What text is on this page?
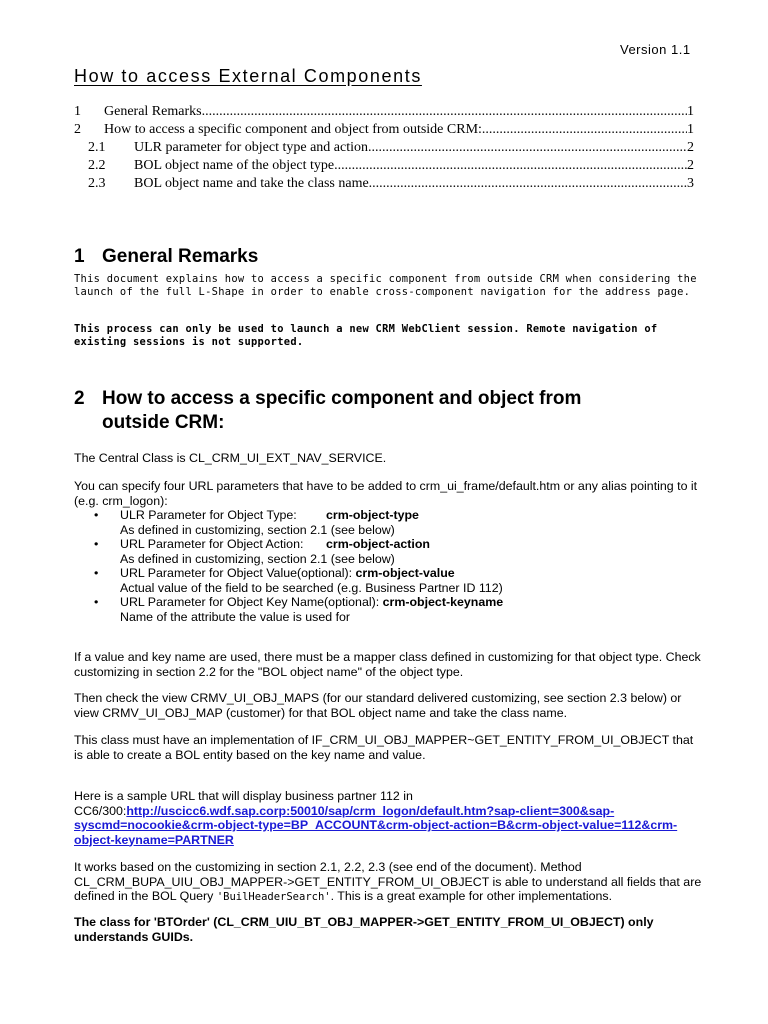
Version 1.1
How to access External Components
1	General Remarks .....	1
2	How to access a specific component and object from outside CRM: .....	1
2.1	ULR parameter for object type and action .....	2
2.2	BOL object name of the object type .....	2
2.3	BOL object name and take the class name .....	3
1 General Remarks

This document explains how to access a specific component from outside CRM when considering the launch of the full L-Shape in order to enable cross-component navigation for the address page.

This process can only be used to launch a new CRM WebClient session. Remote navigation of existing sessions is not supported.

2 How to access a specific component and object from
outside CRM:

The Central Class is CL_CRM_UI_EXT_NAV_SERVICE.

You can specify four URL parameters that have to be added to crm_ui_frame/default.htm or any alias pointing to it (e.g. crm_logon):

• ULR Parameter for Object Type: crm-object-type
As defined in customizing, section 2.1 (see below)
• URL Parameter for Object Action: crm-object-action
As defined in customizing, section 2.1 (see below)
• URL Parameter for Object Value(optional): crm-object-value
Actual value of the field to be searched (e.g. Business Partner ID 112)
• URL Parameter for Object Key Name(optional): crm-object-keyname
Name of the attribute the value is used for

If a value and key name are used, there must be a mapper class defined in customizing for that object type. Check customizing in section 2.2 for the "BOL object name" of the object type.

Then check the view CRMV_UI_OBJ_MAPS (for our standard delivered customizing, see section 2.3 below) or view CRMV_UI_OBJ_MAP (customer) for that BOL object name and take the class name.

This class must have an implementation of IF_CRM_UI_OBJ_MAPPER~GET_ENTITY_FROM_UI_OBJECT that is able to create a BOL entity based on the key name and value.

Here is a sample URL that will display business partner 112 in CC6/300:http://uscicc6.wdf.sap.corp:50010/sap/crm_logon/default.htm?sap-client=300&sap-syscmd=nocookie&crm-object-type=BP_ACCOUNT&crm-object-action=B&crm-object-value=112&crm-object-keyname=PARTNER

It works based on the customizing in section 2.1, 2.2, 2.3 (see end of the document). Method CL_CRM_BUPA_UIU_OBJ_MAPPER->GET_ENTITY_FROM_UI_OBJECT is able to understand all fields that are defined in the BOL Query 'BuilHeaderSearch'. This is a great example for other implementations.

The class for 'BTOrder' (CL_CRM_UIU_BT_OBJ_MAPPER->GET_ENTITY_FROM_UI_OBJECT) only understands GUIDs.
